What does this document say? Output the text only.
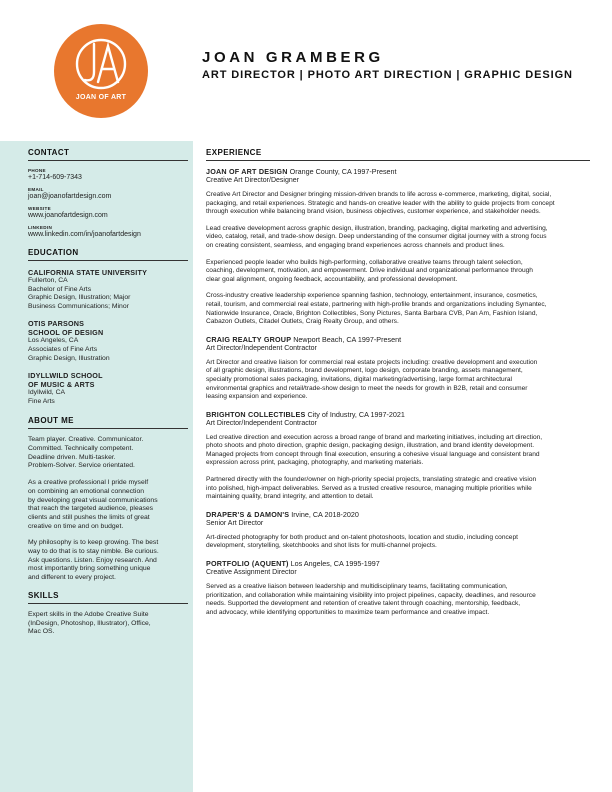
JOAN OF ART
JOAN GRAMBERG
ART DIRECTOR | PHOTO ART DIRECTION | GRAPHIC DESIGN
CONTACT
PHONE
+1-714-609-7343
EMAIL
joan@joanofartdesign.com
WEBSITE
www.joanofartdesign.com
LINKEDIN
www.linkedin.com/in/joanofartdesign
EDUCATION
CALIFORNIA STATE UNIVERSITY
Fullerton, CA
Bachelor of Fine Arts
Graphic Design, Illustration; Major
Business Communications; Minor
OTIS PARSONS
SCHOOL OF DESIGN
Los Angeles, CA
Associates of Fine Arts
Graphic Design, Illustration
IDYLLWILD SCHOOL
OF MUSIC & ARTS
Idyllwild, CA
Fine Arts
ABOUT ME
Team player. Creative. Communicator.
Committed. Technically competent.
Deadline driven. Multi-tasker.
Problem-Solver. Service orientated.
As a creative professional I pride myself
on combining an emotional connection
by developing great visual communications
that reach the targeted audience, pleases
clients and still pushes the limits of great
creative on time and on budget.
My philosophy is to keep growing. The best
way to do that is to stay nimble. Be curious.
Ask questions. Listen. Enjoy research. And
most importantly bring something unique
and different to every project.
SKILLS
Expert skills in the Adobe Creative Suite
(InDesign, Photoshop, Illustrator), Office,
Mac OS.
EXPERIENCE
JOAN OF ART DESIGN Orange County, CA 1997-Present
Creative Art Director/Designer
Creative Art Director and Designer bringing mission-driven brands to life across e-commerce, marketing, digital, social,
packaging, and retail experiences. Strategic and hands-on creative leader with the ability to guide projects from concept
through execution while balancing brand vision, business objectives, customer experience, and stakeholder needs.
Lead creative development across graphic design, illustration, branding, packaging, digital marketing and advertising,
video, catalog, retail, and trade-show design. Deep understanding of the consumer digital journey with a strong focus
on creating consistent, seamless, and engaging brand experiences across channels and product lines.
Experienced people leader who builds high-performing, collaborative creative teams through talent selection,
coaching, development, motivation, and empowerment. Drive individual and organizational performance through
clear goal alignment, ongoing feedback, accountability, and professional development.
Cross-industry creative leadership experience spanning fashion, technology, entertainment, insurance, cosmetics,
retail, tourism, and commercial real estate, partnering with high-profile brands and organizations including Symantec,
Nationwide Insurance, Oracle, Brighton Collectibles, Sony Pictures, Santa Barbara CVB, Pan Am, Fashion Island,
Cabazon Outlets, Citadel Outlets, Craig Realty Group, and others.
CRAIG REALTY GROUP Newport Beach, CA 1997-Present
Art Director/Independent Contractor
Art Director and creative liaison for commercial real estate projects including: creative development and execution
of all graphic design, illustrations, brand development, logo design, corporate branding, assets management,
specialty promotional sales packaging, invitations, digital marketing/advertising, large format architectural
environmental graphics and retail/trade-show design to meet the needs for growth in B2B, retail and consumer
leasing expansion and experience.
BRIGHTON COLLECTIBLES City of Industry, CA 1997-2021
Art Director/Independent Contractor
Led creative direction and execution across a broad range of brand and marketing initiatives, including art direction,
photo shoots and photo direction, graphic design, packaging design, illustration, and brand identity development.
Managed projects from concept through final execution, ensuring a cohesive visual language and consistent brand
expression across print, packaging, photography, and marketing materials.
Partnered directly with the founder/owner on high-priority special projects, translating strategic and creative vision
into polished, high-impact deliverables. Served as a trusted creative resource, managing multiple priorities while
maintaining quality, brand integrity, and attention to detail.
DRAPER'S & DAMON'S Irvine, CA 2018-2020
Senior Art Director
Art-directed photography for both product and on-talent photoshoots, location and studio, including concept
development, storytelling, sketchbooks and shot lists for multi-channel projects.
PORTFOLIO (AQUENT) Los Angeles, CA 1995-1997
Creative Assignment Director
Served as a creative liaison between leadership and multidisciplinary teams, facilitating communication,
prioritization, and collaboration while maintaining visibility into project pipelines, capacity, deadlines, and resource
needs. Supported the development and retention of creative talent through coaching, mentorship, feedback,
and advocacy, while identifying opportunities to maximize team performance and creative impact.
